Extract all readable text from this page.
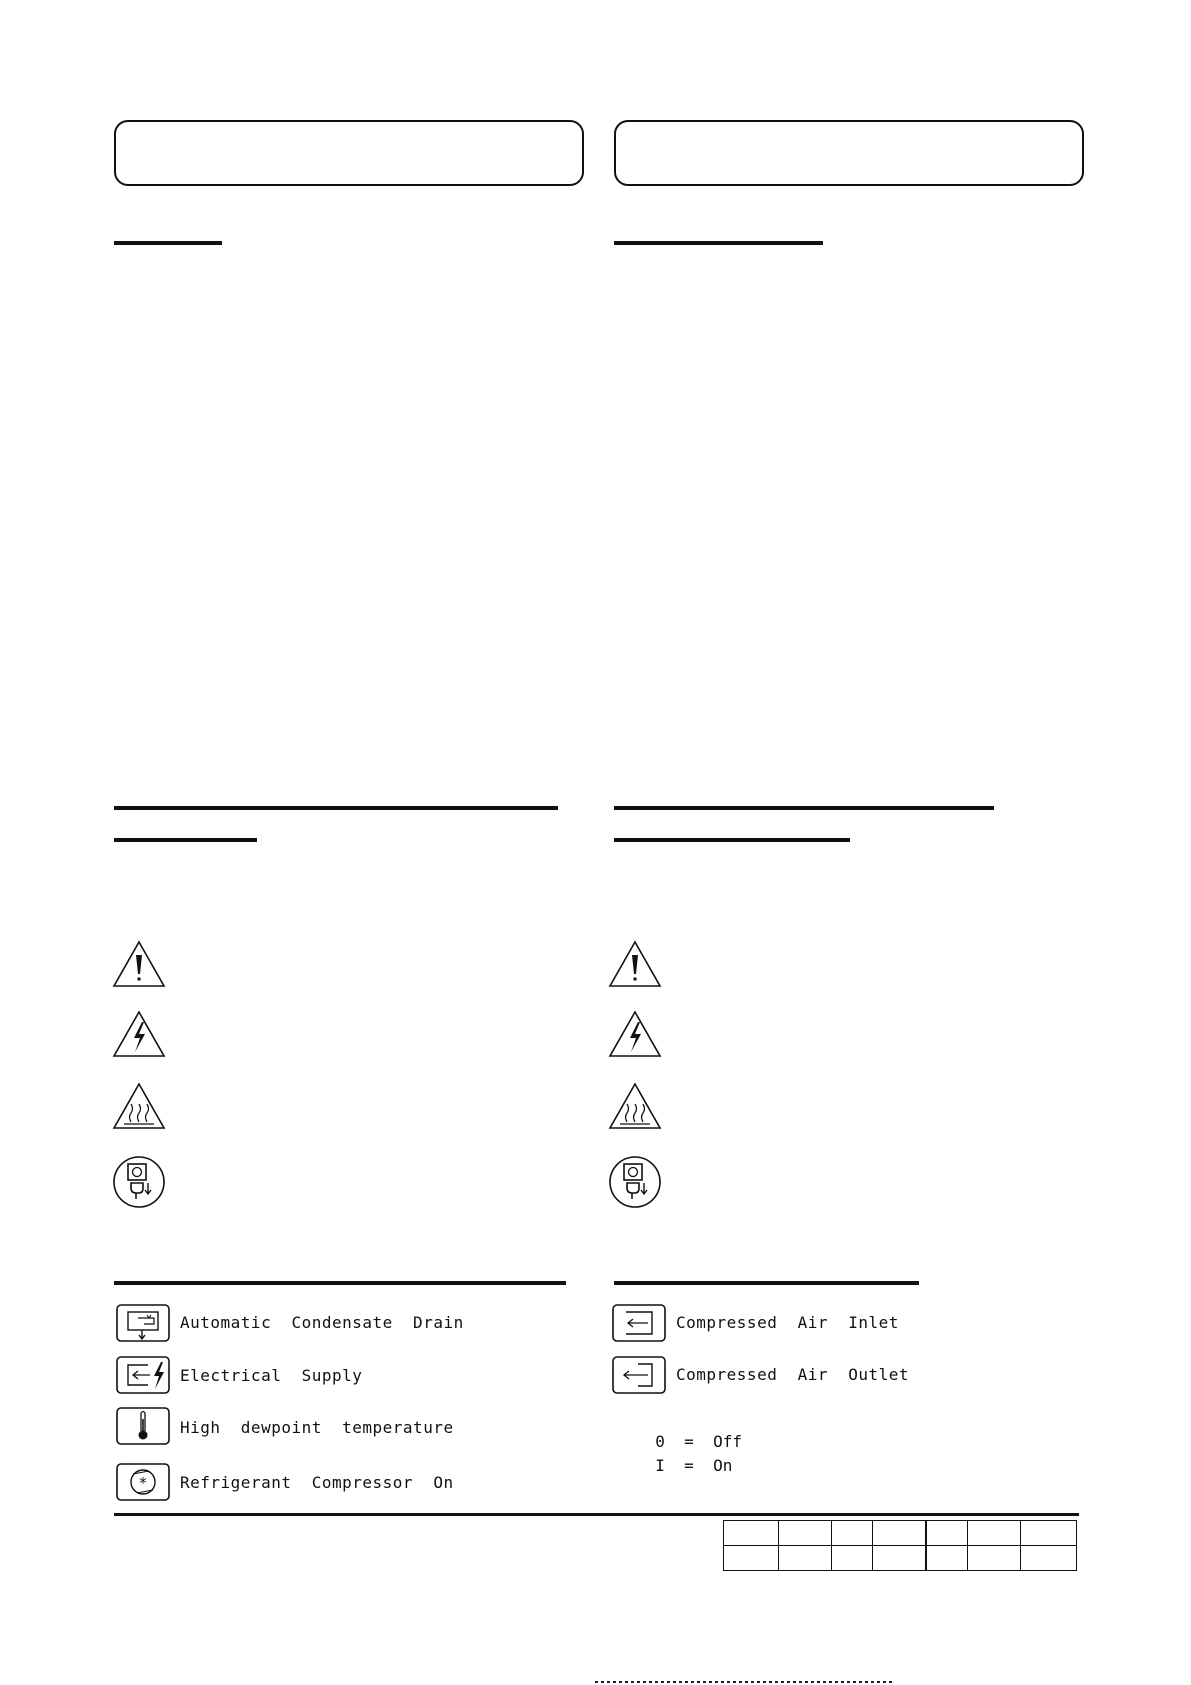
Automatic  Condensate  Drain
Electrical  Supply
High  dewpoint  temperature
* Refrigerant  Compressor  On
Compressed  Air  Inlet
Compressed  Air  Outlet

0  =  Off

I  =  On
